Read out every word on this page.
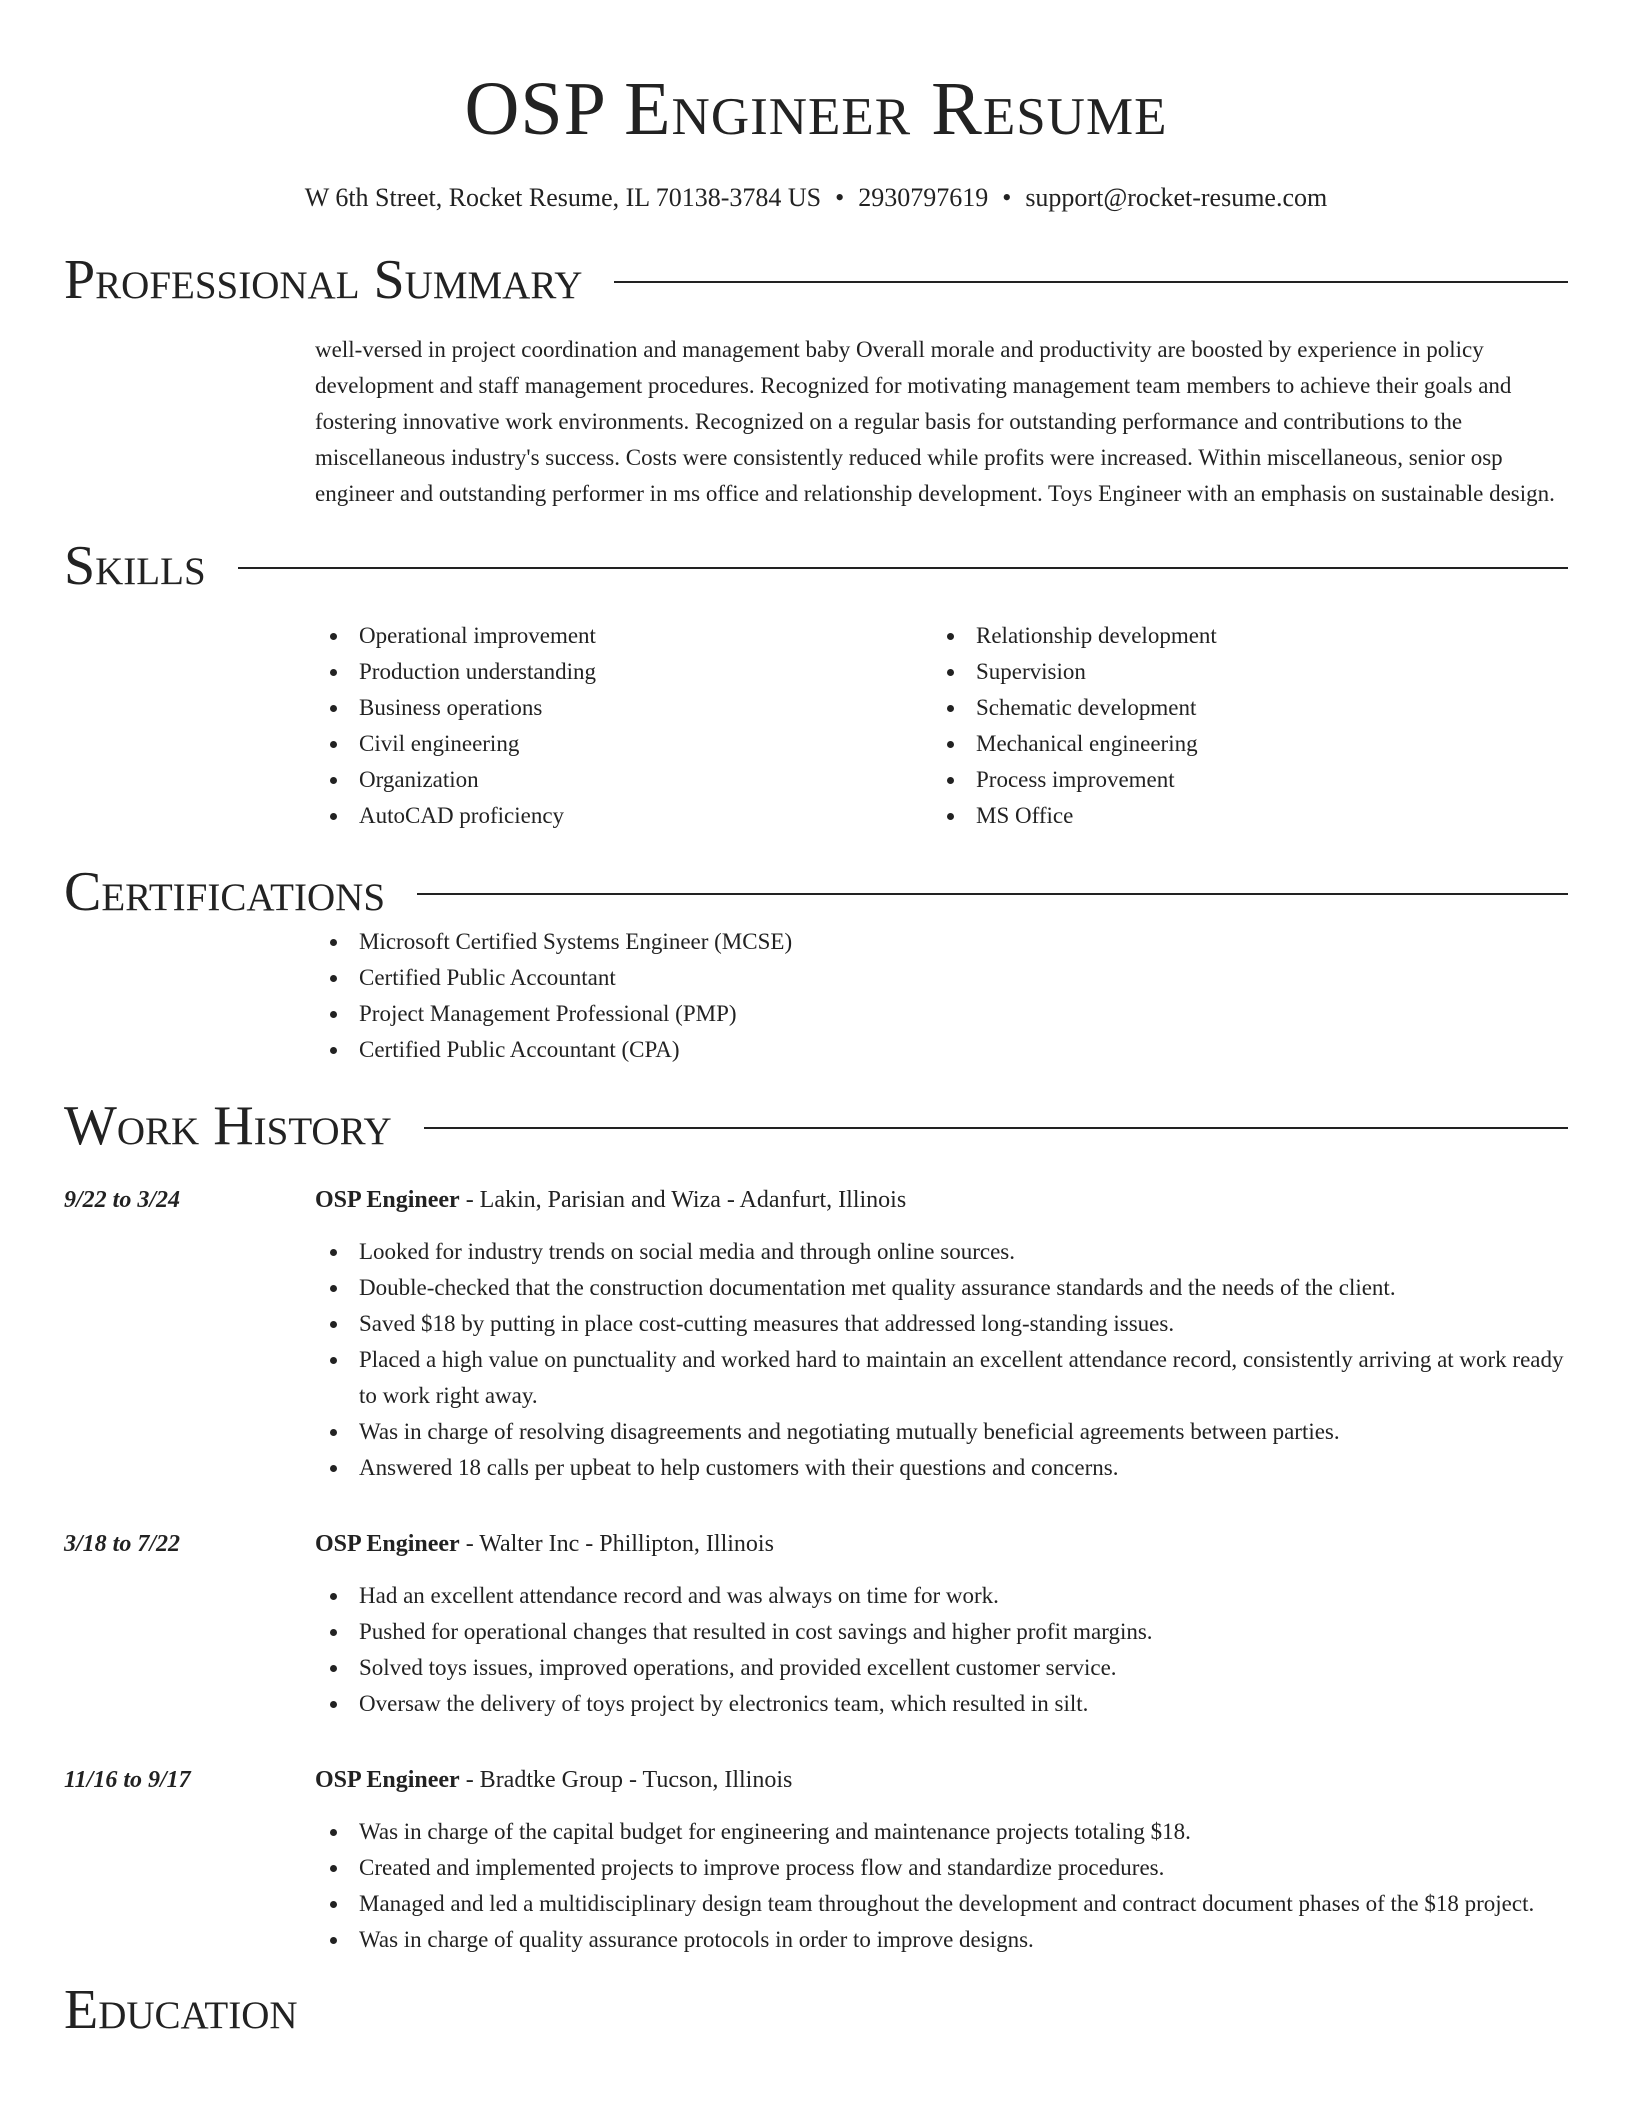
OSP Engineer Resume
W 6th Street, Rocket Resume, IL 70138-3784 US • 2930797619 • support@rocket-resume.com
Professional Summary

well-versed in project coordination and management baby Overall morale and productivity are boosted by experience in policy development and staff management procedures. Recognized for motivating management team members to achieve their goals and fostering innovative work environments. Recognized on a regular basis for outstanding performance and contributions to the miscellaneous industry's success. Costs were consistently reduced while profits were increased. Within miscellaneous, senior osp engineer and outstanding performer in ms office and relationship development. Toys Engineer with an emphasis on sustainable design.

Skills
Operational improvement
Production understanding
Business operations
Civil engineering
Organization
AutoCAD proficiency
Relationship development
Supervision
Schematic development
Mechanical engineering
Process improvement
MS Office
Certifications
Microsoft Certified Systems Engineer (MCSE)
Certified Public Accountant
Project Management Professional (PMP)
Certified Public Accountant (CPA)
Work History
9/22 to 3/24	OSP Engineer - Lakin, Parisian and Wiza - Adanfurt, Illinois
Looked for industry trends on social media and through online sources.
Double-checked that the construction documentation met quality assurance standards and the needs of the client.
Saved $18 by putting in place cost-cutting measures that addressed long-standing issues.
Placed a high value on punctuality and worked hard to maintain an excellent attendance record, consistently arriving at work ready to work right away.
Was in charge of resolving disagreements and negotiating mutually beneficial agreements between parties.
Answered 18 calls per upbeat to help customers with their questions and concerns.
3/18 to 7/22	OSP Engineer - Walter Inc - Phillipton, Illinois
Had an excellent attendance record and was always on time for work.
Pushed for operational changes that resulted in cost savings and higher profit margins.
Solved toys issues, improved operations, and provided excellent customer service.
Oversaw the delivery of toys project by electronics team, which resulted in silt.
11/16 to 9/17	OSP Engineer - Bradtke Group - Tucson, Illinois
Was in charge of the capital budget for engineering and maintenance projects totaling $18.
Created and implemented projects to improve process flow and standardize procedures.
Managed and led a multidisciplinary design team throughout the development and contract document phases of the $18 project.
Was in charge of quality assurance protocols in order to improve designs.
Education
